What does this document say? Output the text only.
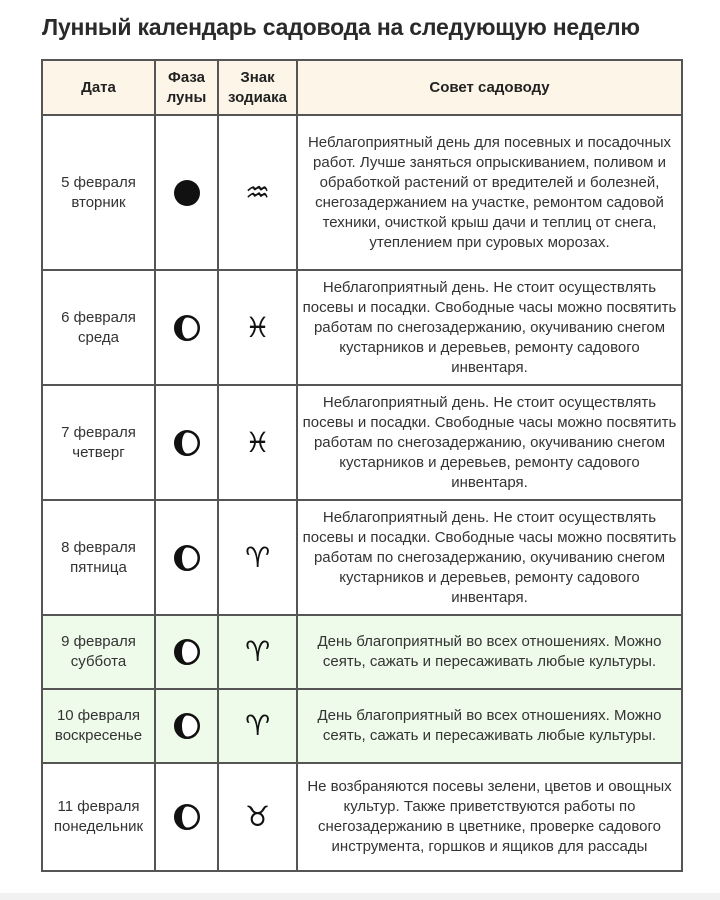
Лунный календарь садовода на следующую неделю
Дата	Фаза луны	Знак зодиака	Совет садоводу

5 февраля
вторник		♒	Неблагоприятный день для посевных и посадочных работ. Лучше заняться опрыскиванием, поливом и обработкой растений от вредителей и болезней, снегозадержанием на участке, ремонтом садовой техники, очисткой крыш дачи и теплиц от снега, утеплением при суровых морозах.

6 февраля
среда		♓	Неблагоприятный день. Не стоит осуществлять посевы и посадки. Свободные часы можно посвятить работам по снегозадержанию, окучиванию снегом кустарников и деревьев, ремонту садового инвентаря.

7 февраля
четверг		♓	Неблагоприятный день. Не стоит осуществлять посевы и посадки. Свободные часы можно посвятить работам по снегозадержанию, окучиванию снегом кустарников и деревьев, ремонту садового инвентаря.

8 февраля
пятница		♈	Неблагоприятный день. Не стоит осуществлять посевы и посадки. Свободные часы можно посвятить работам по снегозадержанию, окучиванию снегом кустарников и деревьев, ремонту садового инвентаря.

9 февраля
суббота		♈	День благоприятный во всех отношениях. Можно сеять, сажать и пересаживать любые культуры.

10 февраля
воскресенье		♈	День благоприятный во всех отношениях. Можно сеять, сажать и пересаживать любые культуры.

11 февраля
понедельник		♉	Не возбраняются посевы зелени, цветов и овощных культур. Также приветствуются работы по снегозадержанию в цветнике, проверке садового инструмента, горшков и ящиков для рассады
